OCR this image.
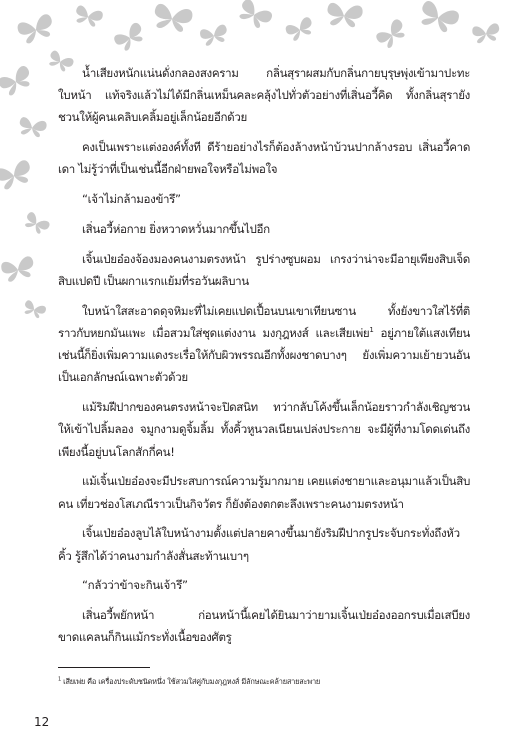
น้ำเสียงหนักแน่นดั่งกลองสงคราม กลิ่นสุราผสมกับกลิ่นกายบุรุษพุ่งเข้ามาปะทะใบหน้า แท้จริงแล้วไม่ได้มีกลิ่นเหม็นคละคลุ้งไปทั่วตัวอย่างที่เสิ่นอวี้คิด ทั้งกลิ่นสุรายังชวนให้ผู้คนเคลิบเคลิ้มอยู่เล็กน้อยอีกด้วย

คงเป็นเพราะแต่งองค์ทั้งที ดีร้ายอย่างไรก็ต้องล้างหน้าบ้วนปากล้างรอบ เสิ่นอวี้คาดเดา ไม่รู้ว่าที่เป็นเช่นนี้อีกฝ่ายพอใจหรือไม่พอใจ

“เจ้าไม่กล้ามองข้ารึ”

เสิ่นอวี้ห่อกาย ยิ่งหวาดหวั่นมากขึ้นไปอีก

เจิ้นเป่ยอ๋องจ้องมองคนงามตรงหน้า รูปร่างซูบผอม เกรงว่าน่าจะมีอายุเพียงสิบเจ็ดสิบแปดปี เป็นผกาแรกแย้มที่รอวันผลิบาน

ใบหน้าใสสะอาดดุจหิมะที่ไม่เคยแปดเปื้อนบนเขาเทียนซาน ทั้งยังขาวใสไร้ที่ติราวกับหยกมันแพะ เมื่อสวมใส่ชุดแต่งงาน มงกุฎหงส์ และเสียเพ่ย$^1$ อยู่ภายใต้แสงเทียนเช่นนี้ก็ยิ่งเพิ่มความแดงระเรื่อให้กับผิวพรรณอีกทั้งผงชาดบางๆ ยังเพิ่มความเย้ายวนอันเป็นเอกลักษณ์เฉพาะตัวด้วย

แม้ริมฝีปากของคนตรงหน้าจะปิดสนิท ทว่ากลับโค้งขึ้นเล็กน้อยราวกำลังเชิญชวนให้เข้าไปลิ้มลอง จมูกงามดูจิ้มลิ้ม ทั้งคิ้วหูนวลเนียนเปล่งประกาย จะมีผู้ที่งามโดดเด่นถึงเพียงนี้อยู่บนโลกสักกี่คน!

แม้เจิ้นเป่ยอ๋องจะมีประสบการณ์ความรู้มากมาย เคยแต่งชายาและอนุมาแล้วเป็นสิบคน เที่ยวช่องโสเภณีราวเป็นกิจวัตร ก็ยังต้องตกตะลึงเพราะคนงามตรงหน้า

เจิ้นเป่ยอ๋องลูบไล้ใบหน้างามตั้งแต่ปลายคางขึ้นมายังริมฝีปากรูประจับกระทั่งถึงหัวคิ้ว รู้สึกได้ว่าคนงามกำลังสั่นสะท้านเบาๆ

“กลัวว่าข้าจะกินเจ้ารึ”

เสิ่นอวี้พยักหน้า ก่อนหน้านี้เคยได้ยินมาว่ายามเจิ้นเป่ยอ๋องออกรบเมื่อเสบียงขาดแคลนก็กินแม้กระทั่งเนื้อของศัตรู

$^1$ เสียเพ่ย คือ เครื่องประดับชนิดหนึ่ง ใช้สวมใส่คู่กับมงกุฎหงส์ มีลักษณะคล้ายสายสะพาย
12
